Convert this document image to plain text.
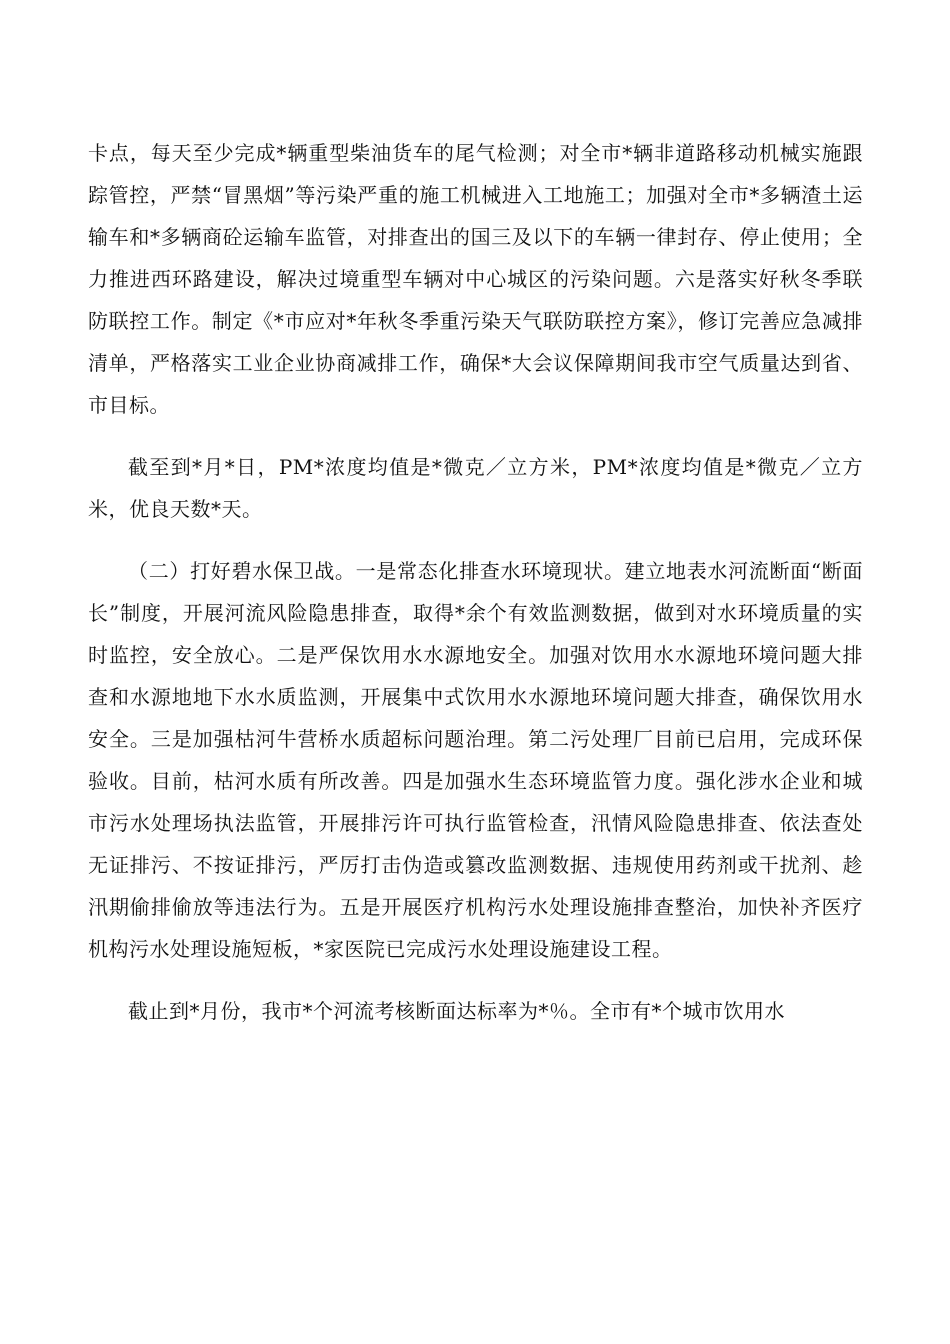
卡点，每天至少完成*辆重型柴油货车的尾气检测；对全市*辆非道路移动机械实施跟踪管控，严禁“冒黑烟”等污染严重的施工机械进入工地施工；加强对全市*多辆渣土运输车和*多辆商砼运输车监管，对排查出的国三及以下的车辆一律封存、停止使用；全力推进西环路建设，解决过境重型车辆对中心城区的污染问题。六是落实好秋冬季联防联控工作。制定《*市应对*年秋冬季重污染天气联防联控方案》，修订完善应急减排清单，严格落实工业企业协商减排工作，确保*大会议保障期间我市空气质量达到省、市目标。

截至到*月*日，PM*浓度均值是*微克／立方米，PM*浓度均值是*微克／立方米，优良天数*天。

（二）打好碧水保卫战。一是常态化排查水环境现状。建立地表水河流断面“断面长”制度，开展河流风险隐患排查，取得*余个有效监测数据，做到对水环境质量的实时监控，安全放心。二是严保饮用水水源地安全。加强对饮用水水源地环境问题大排查和水源地地下水水质监测，开展集中式饮用水水源地环境问题大排查，确保饮用水安全。三是加强枯河牛营桥水质超标问题治理。第二污处理厂目前已启用，完成环保验收。目前，枯河水质有所改善。四是加强水生态环境监管力度。强化涉水企业和城市污水处理场执法监管，开展排污许可执行监管检查，汛情风险隐患排查、依法查处无证排污、不按证排污，严厉打击伪造或篡改监测数据、违规使用药剂或干扰剂、趁汛期偷排偷放等违法行为。五是开展医疗机构污水处理设施排查整治，加快补齐医疗机构污水处理设施短板，*家医院已完成污水处理设施建设工程。

截止到*月份，我市*个河流考核断面达标率为*％。全市有*个城市饮用水
